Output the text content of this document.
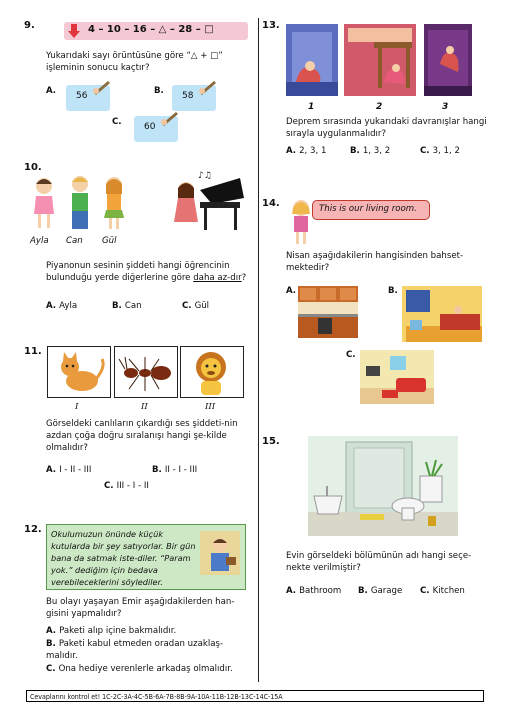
9.	4 – 10 – 16 – △ – 28 – □
Yukarıdaki sayı örüntüsüne göre “△ + □” işleminin sonucu kaçtır?
A.	56	B.	58
C.	60
10.
Ayla Can Gül
♪♫
Piyanonun sesinin şiddeti hangi öğrencinin bulunduğu yerde diğerlerine göre daha az-dır?
A. Ayla	B. Can	C. Gül
11.
I	II	III
Görseldeki canlıların çıkardığı ses şiddeti-nin azdan çoğa doğru sıralanışı hangi şe-kilde olmalıdır?
A. I - II - III	B. II - I - III
C. III - I - II
12. Okulumuzun önünde küçük kutularda bir şey satıyorlar. Bir gün bana da satmak iste-diler. “Param yok.” dediğim için bedava verebileceklerini söylediler.
Bu olayı yaşayan Emir aşağıdakilerden han-gisini yapmalıdır?
A. Paketi alıp içine bakmalıdır.
B. Paketi kabul etmeden oradan uzaklaş-malıdır.
C. Ona hediye verenlerle arkadaş olmalıdır.
13.
1	2	3
Deprem sırasında yukarıdaki davranışlar hangi sırayla uygulanmalıdır?
A. 2, 3, 1	B. 1, 3, 2	C. 3, 1, 2
14.	This is our living room.
Nisan aşağıdakilerin hangisinden bahset-mektedir?
A.	B.
C.
15.
Evin görseldeki bölümünün adı hangi seçe-nekte verilmiştir?
A. Bathroom B. Garage C. Kitchen
Cevaplarını kontrol et! 1C-2C-3A-4C-5B-6A-7B-8B-9A-10A-11B-12B-13C-14C-15A
